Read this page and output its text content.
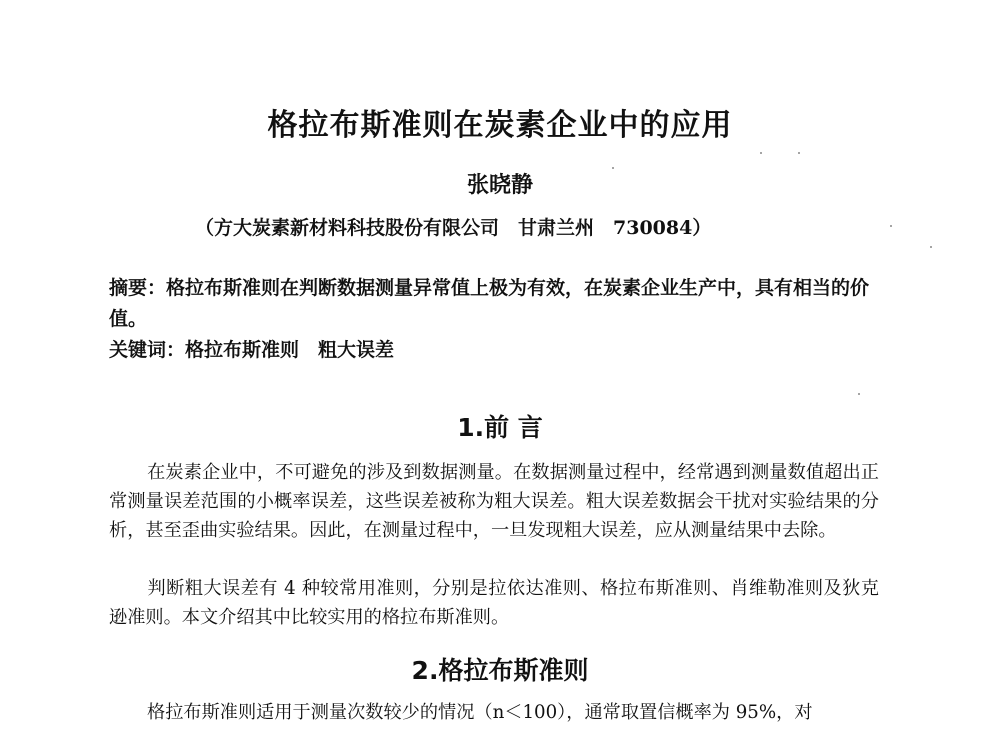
格拉布斯准则在炭素企业中的应用
张晓静
（方大炭素新材料科技股份有限公司　甘肃兰州　730084）
摘要：格拉布斯准则在判断数据测量异常值上极为有效，在炭素企业生产中，具有相当的价值。
关键词：格拉布斯准则　粗大误差
1.前 言
在炭素企业中，不可避免的涉及到数据测量。在数据测量过程中，经常遇到测量数值超出正常测量误差范围的小概率误差，这些误差被称为粗大误差。粗大误差数据会干扰对实验结果的分析，甚至歪曲实验结果。因此，在测量过程中，一旦发现粗大误差，应从测量结果中去除。
判断粗大误差有 4 种较常用准则，分别是拉依达准则、格拉布斯准则、肖维勒准则及狄克逊准则。本文介绍其中比较实用的格拉布斯准则。
2.格拉布斯准则
格拉布斯准则适用于测量次数较少的情况（n＜100），通常取置信概率为 95%，对
